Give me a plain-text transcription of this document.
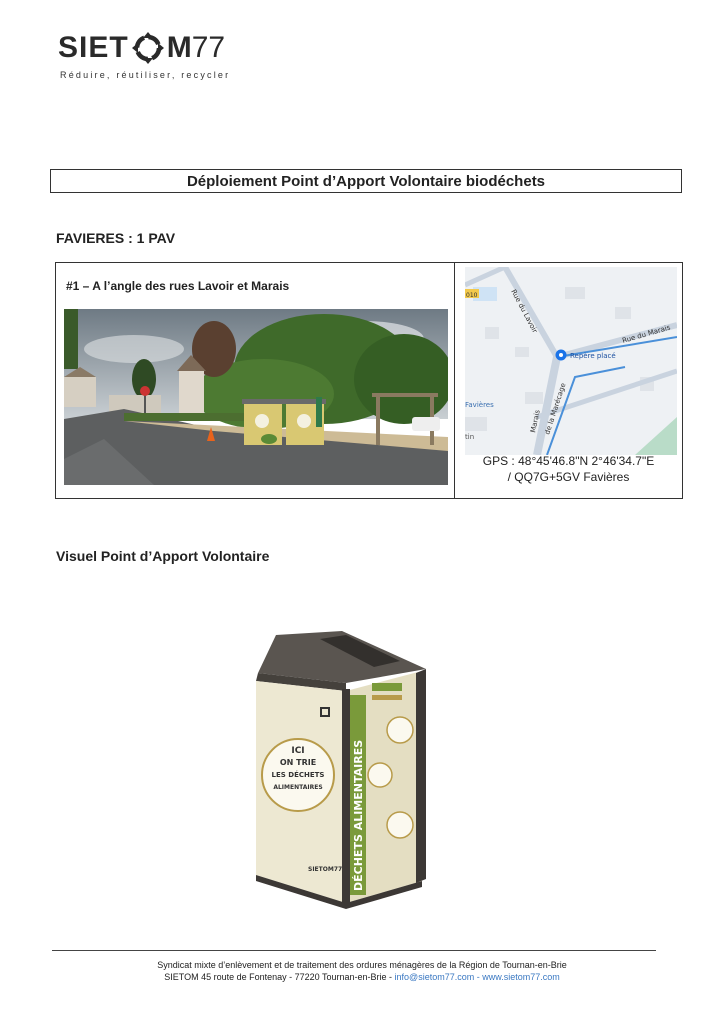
SIET M 77
Réduire, réutiliser, recycler
Déploiement Point d’Apport Volontaire biodéchets
FAVIERES : 1 PAV
#1 – A l’angle des rues Lavoir et Marais
010	Rue du Lavoir	Rue du Marais
Marais de la Marécage
Favières
tin
Repère placé
GPS : 48°45'46.8"N 2°46'34.7"E
/ QQ7G+5GV Favières
Visuel Point d’Apport Volontaire
DÉCHETS ALIMENTAIRES
ICI
ON TRIE
LES DÉCHETS
ALIMENTAIRES
SIETOM77
Syndicat mixte d’enlèvement et de traitement des ordures ménagères de la Région de Tournan-en-Brie
SIETOM 45 route de Fontenay - 77220 Tournan-en-Brie - info@sietom77.com - www.sietom77.com
